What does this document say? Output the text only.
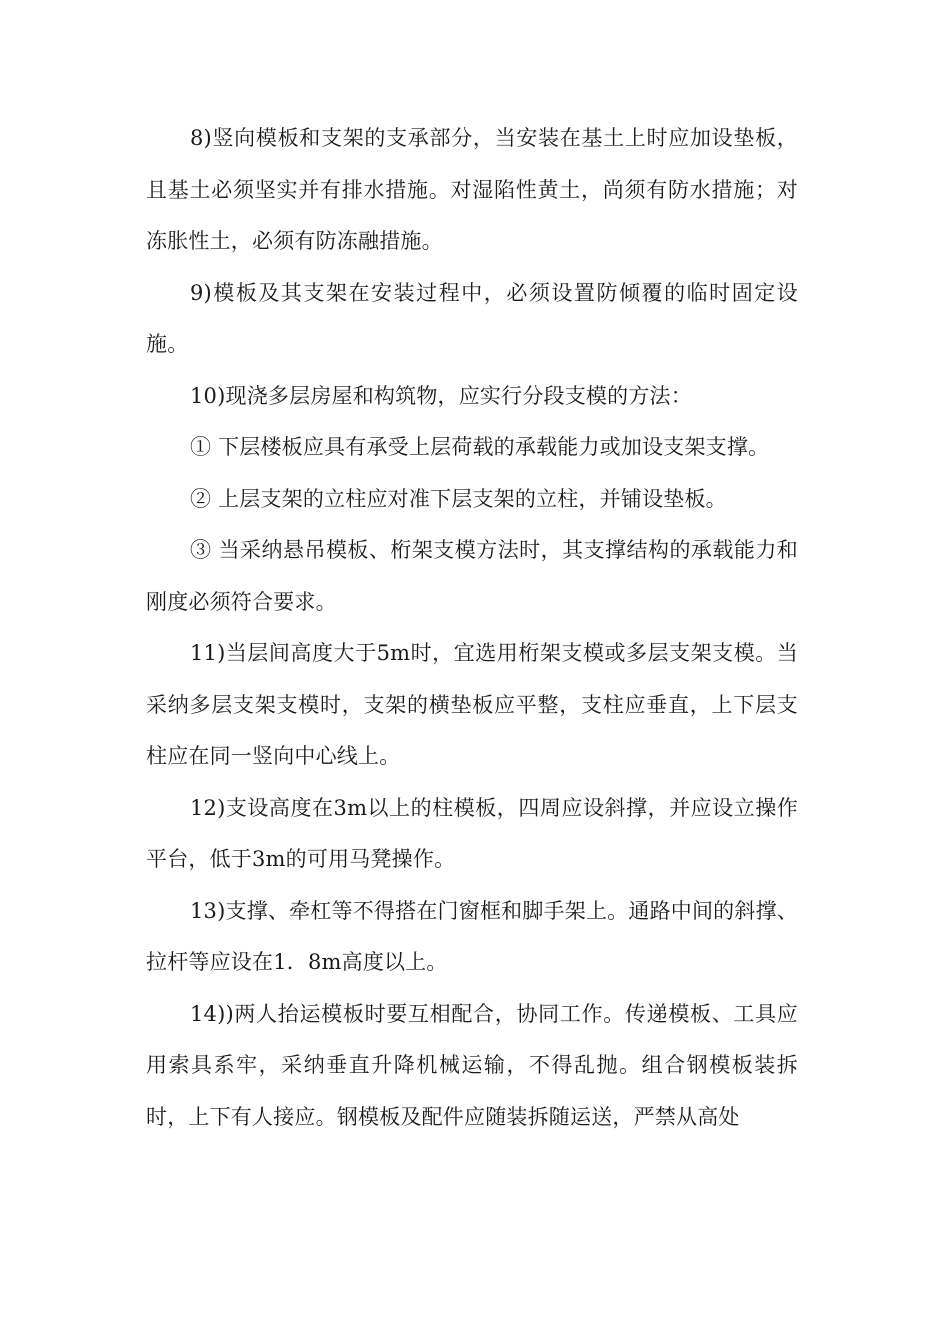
8)竖向模板和支架的支承部分，当安装在基土上时应加设垫板，且基土必须坚实并有排水措施。对湿陷性黄土，尚须有防水措施；对冻胀性土，必须有防冻融措施。

9)模板及其支架在安装过程中，必须设置防倾覆的临时固定设施。

10)现浇多层房屋和构筑物，应实行分段支模的方法：

① 下层楼板应具有承受上层荷载的承载能力或加设支架支撑。

② 上层支架的立柱应对准下层支架的立柱，并铺设垫板。

③ 当采纳悬吊模板、桁架支模方法时，其支撑结构的承载能力和刚度必须符合要求。

11)当层间高度大于5m时，宜选用桁架支模或多层支架支模。当采纳多层支架支模时，支架的横垫板应平整，支柱应垂直，上下层支柱应在同一竖向中心线上。

12)支设高度在3m以上的柱模板，四周应设斜撑，并应设立操作平台，低于3m的可用马凳操作。

13)支撑、牵杠等不得搭在门窗框和脚手架上。通路中间的斜撑、拉杆等应设在1．8m高度以上。

14))两人抬运模板时要互相配合，协同工作。传递模板、工具应用索具系牢，采纳垂直升降机械运输，不得乱抛。组合钢模板装拆时，上下有人接应。钢模板及配件应随装拆随运送，严禁从高处
